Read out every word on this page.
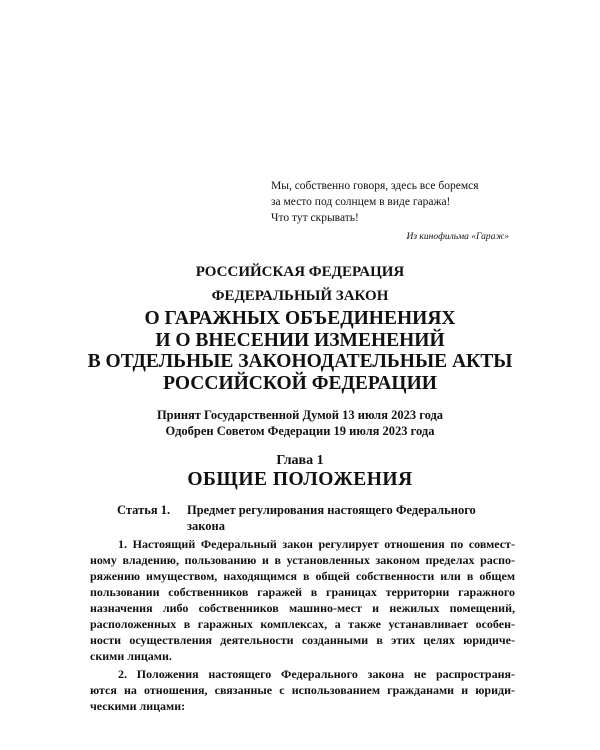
Мы, собственно говоря, здесь все боремся
за место под солнцем в виде гаража!
Что тут скрывать!
Из кинофильма «Гараж»
РОССИЙСКАЯ ФЕДЕРАЦИЯ
ФЕДЕРАЛЬНЫЙ ЗАКОН
О ГАРАЖНЫХ ОБЪЕДИНЕНИЯХ
И О ВНЕСЕНИИ ИЗМЕНЕНИЙ
В ОТДЕЛЬНЫЕ ЗАКОНОДАТЕЛЬНЫЕ АКТЫ
РОССИЙСКОЙ ФЕДЕРАЦИИ
Принят Государственной Думой 13 июля 2023 года
Одобрен Советом Федерации 19 июля 2023 года
Глава 1
ОБЩИЕ ПОЛОЖЕНИЯ
Статья 1.	Предмет регулирования настоящего Федерального
закона
1. Настоящий Федеральный закон регулирует отношения по совмест-
ному владению, пользованию и в установленных законом пределах распо-
ряжению имуществом, находящимся в общей собственности или в общем
пользовании собственников гаражей в границах территории гаражного
назначения либо собственников машино-мест и нежилых помещений,
расположенных в гаражных комплексах, а также устанавливает особен-
ности осуществления деятельности созданными в этих целях юридиче-
скими лицами.
2. Положения настоящего Федерального закона не распространя-
ются на отношения, связанные с использованием гражданами и юриди-
ческими лицами:
